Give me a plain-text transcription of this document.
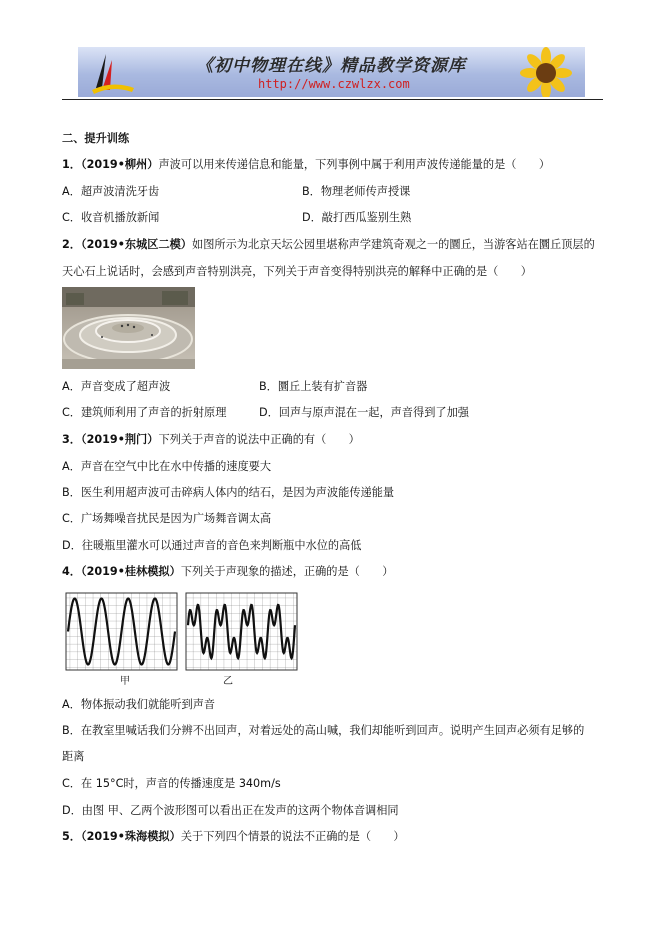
《初中物理在线》精品教学资源库
http://www.czwlzx.com
二、提升训练
1．（2019•柳州）声波可以用来传递信息和能量，下列事例中属于利用声波传递能量的是（　　）
A．超声波清洗牙齿	B．物理老师传声授课
C．收音机播放新闻	D．敲打西瓜鉴别生熟
2．（2019•东城区二模）如图所示为北京天坛公园里堪称声学建筑奇观之一的圜丘，当游客站在圜丘顶层的
天心石上说话时，会感到声音特别洪亮，下列关于声音变得特别洪亮的解释中正确的是（　　）
A．声音变成了超声波	B．圜丘上装有扩音器
C．建筑师利用了声音的折射原理	D．回声与原声混在一起，声音得到了加强
3．（2019•荆门）下列关于声音的说法中正确的有（　　）
A．声音在空气中比在水中传播的速度要大
B．医生利用超声波可击碎病人体内的结石，是因为声波能传递能量
C．广场舞噪音扰民是因为广场舞音调太高
D．往暖瓶里灌水可以通过声音的音色来判断瓶中水位的高低
4．（2019•桂林模拟）下列关于声现象的描述，正确的是（　　）
甲	乙
A．物体振动我们就能听到声音
B．在教室里喊话我们分辨不出回声，对着远处的高山喊，我们却能听到回声。说明产生回声必须有足够的
距离
C．在 15°C时，声音的传播速度是 340m/s
D．由图 甲、乙两个波形图可以看出正在发声的这两个物体音调相同
5．（2019•珠海模拟）关于下列四个情景的说法不正确的是（　　）
